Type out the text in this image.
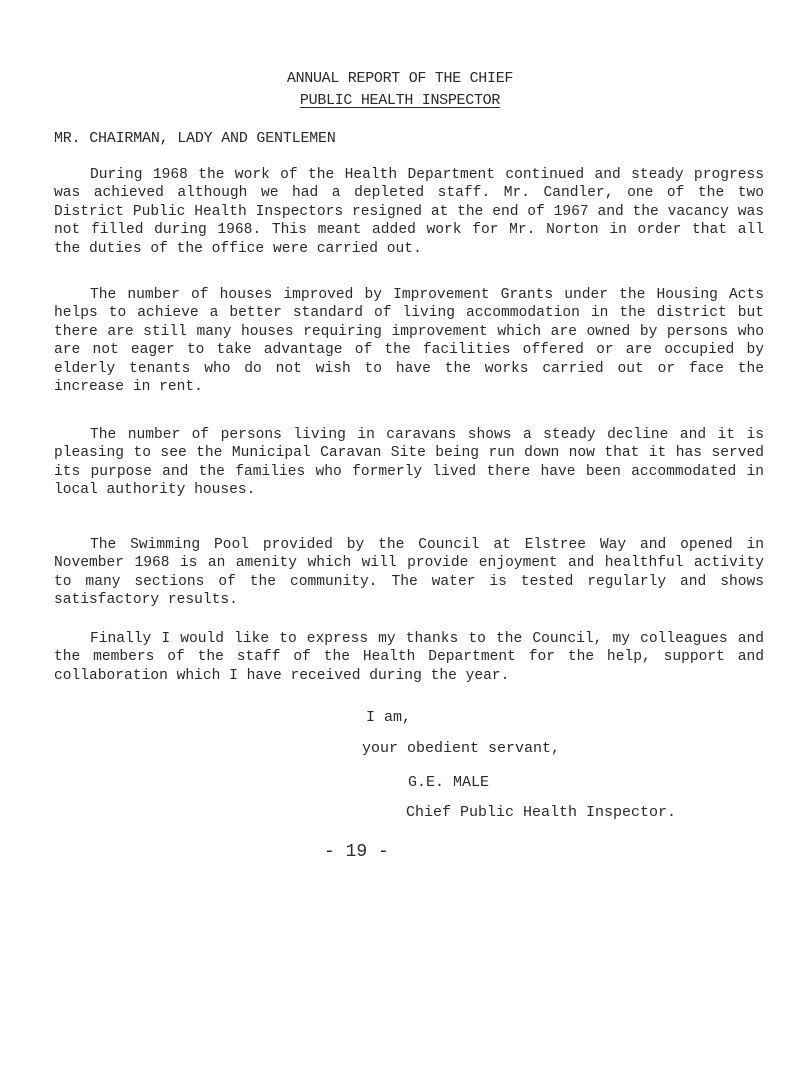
ANNUAL REPORT OF THE CHIEF
PUBLIC HEALTH INSPECTOR
MR. CHAIRMAN, LADY AND GENTLEMEN

During 1968 the work of the Health Department continued and steady progress was achieved although we had a depleted staff. Mr. Candler, one of the two District Public Health Inspectors resigned at the end of 1967 and the vacancy was not filled during 1968. This meant added work for Mr. Norton in order that all the duties of the office were carried out.

The number of houses improved by Improvement Grants under the Housing Acts helps to achieve a better standard of living accommodation in the district but there are still many houses requiring improvement which are owned by persons who are not eager to take advantage of the facilities offered or are occupied by elderly tenants who do not wish to have the works carried out or face the increase in rent.

The number of persons living in caravans shows a steady decline and it is pleasing to see the Municipal Caravan Site being run down now that it has served its purpose and the families who formerly lived there have been accommodated in local authority houses.

The Swimming Pool provided by the Council at Elstree Way and opened in November 1968 is an amenity which will provide enjoyment and healthful activity to many sections of the community. The water is tested regularly and shows satisfactory results.

Finally I would like to express my thanks to the Council, my colleagues and the members of the staff of the Health Department for the help, support and collaboration which I have received during the year.

I am,
your obedient servant,
G.E. MALE
Chief Public Health Inspector.
- 19 -
